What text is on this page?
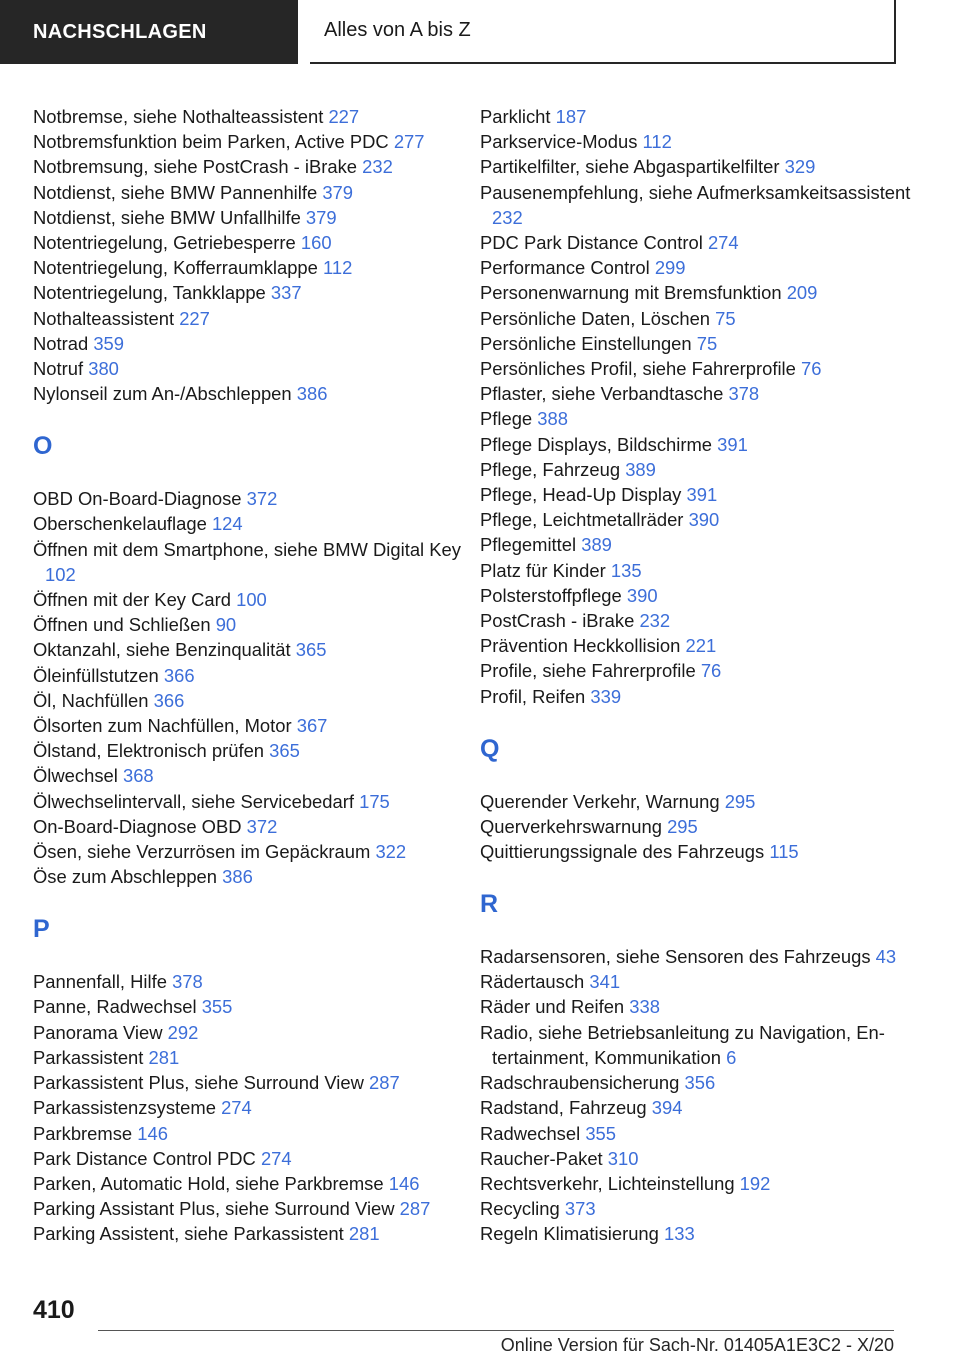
NACHSCHLAGEN	Alles von A bis Z
Notbremse, siehe Nothalteassistent 227
Notbremsfunktion beim Parken, Active PDC 277
Notbremsung, siehe PostCrash - iBrake 232
Notdienst, siehe BMW Pannenhilfe 379
Notdienst, siehe BMW Unfallhilfe 379
Notentriegelung, Getriebesperre 160
Notentriegelung, Kofferraumklappe 112
Notentriegelung, Tankklappe 337
Nothalteassistent 227
Notrad 359
Notruf 380
Nylonseil zum An-/Abschleppen 386
O
OBD On-Board-Diagnose 372
Oberschenkelauflage 124
Öffnen mit dem Smartphone, siehe BMW Digital Key 102
Öffnen mit der Key Card 100
Öffnen und Schließen 90
Oktanzahl, siehe Benzinqualität 365
Öleinfüllstutzen 366
Öl, Nachfüllen 366
Ölsorten zum Nachfüllen, Motor 367
Ölstand, Elektronisch prüfen 365
Ölwechsel 368
Ölwechselintervall, siehe Servicebedarf 175
On-Board-Diagnose OBD 372
Ösen, siehe Verzurrösen im Gepäckraum 322
Öse zum Abschleppen 386
P
Pannenfall, Hilfe 378
Panne, Radwechsel 355
Panorama View 292
Parkassistent 281
Parkassistent Plus, siehe Surround View 287
Parkassistenzsysteme 274
Parkbremse 146
Park Distance Control PDC 274
Parken, Automatic Hold, siehe Parkbremse 146
Parking Assistant Plus, siehe Surround View 287
Parking Assistent, siehe Parkassistent 281
Parklicht 187
Parkservice-Modus 112
Partikelfilter, siehe Abgaspartikelfilter 329
Pausenempfehlung, siehe Aufmerksamkeitsassistent 232
PDC Park Distance Control 274
Performance Control 299
Personenwarnung mit Bremsfunktion 209
Persönliche Daten, Löschen 75
Persönliche Einstellungen 75
Persönliches Profil, siehe Fahrerprofile 76
Pflaster, siehe Verbandtasche 378
Pflege 388
Pflege Displays, Bildschirme 391
Pflege, Fahrzeug 389
Pflege, Head-Up Display 391
Pflege, Leichtmetallräder 390
Pflegemittel 389
Platz für Kinder 135
Polsterstoffpflege 390
PostCrash - iBrake 232
Prävention Heckkollision 221
Profile, siehe Fahrerprofile 76
Profil, Reifen 339
Q
Querender Verkehr, Warnung 295
Querverkehrswarnung 295
Quittierungssignale des Fahrzeugs 115
R
Radarsensoren, siehe Sensoren des Fahrzeugs 43
Rädertausch 341
Räder und Reifen 338
Radio, siehe Betriebsanleitung zu Navigation, Entertainment, Kommunikation 6
Radschraubensicherung 356
Radstand, Fahrzeug 394
Radwechsel 355
Raucher-Paket 310
Rechtsverkehr, Lichteinstellung 192
Recycling 373
Regeln Klimatisierung 133
410
Online Version für Sach-Nr. 01405A1E3C2 - X/20
